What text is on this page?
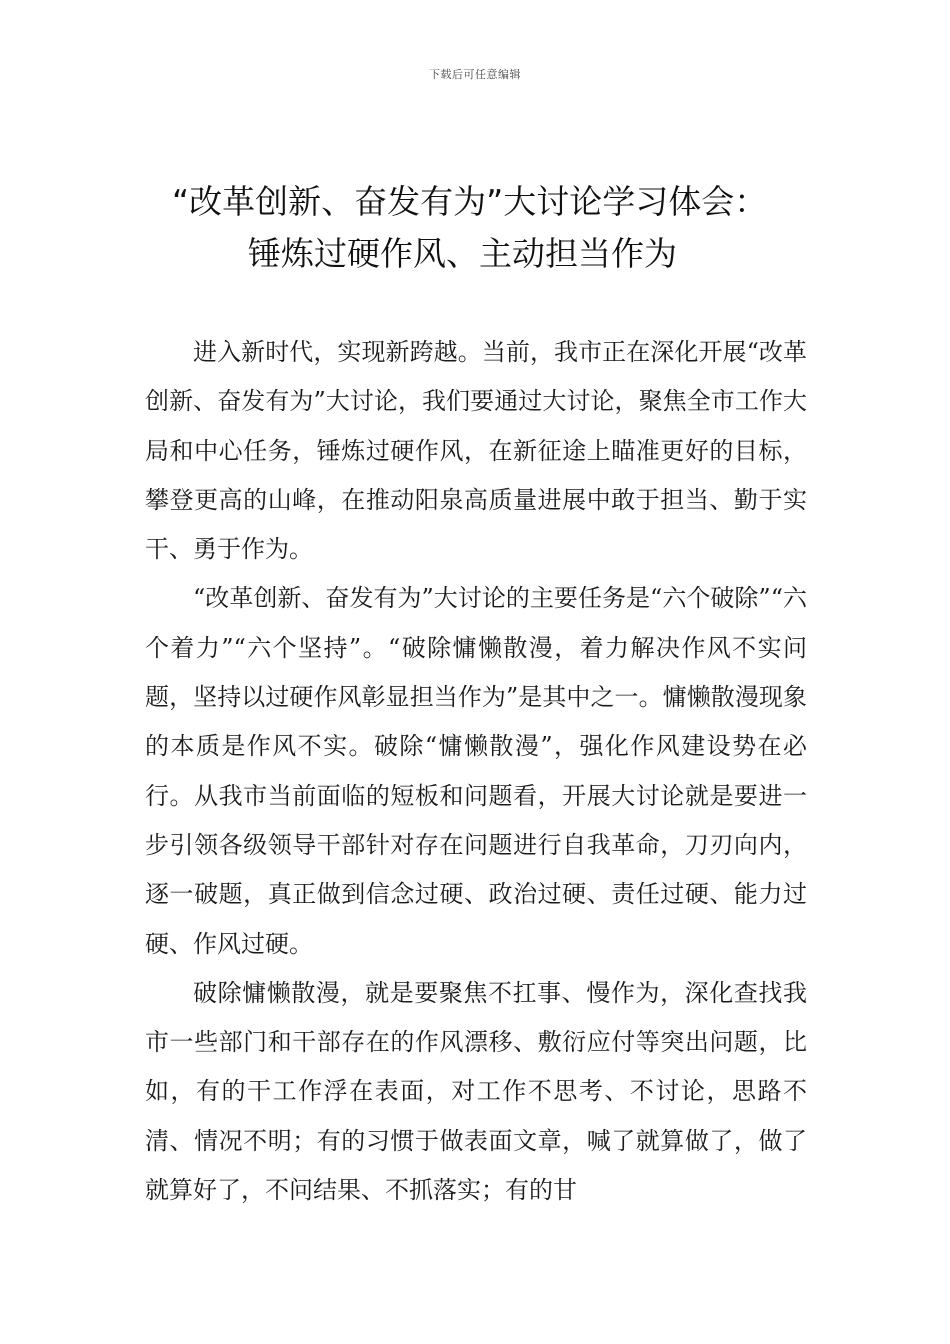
下载后可任意编辑
“改革创新、奋发有为”大讨论学习体会：
锤炼过硬作风、主动担当作为

进入新时代，实现新跨越。当前，我市正在深化开展“改革创新、奋发有为”大讨论，我们要通过大讨论，聚焦全市工作大局和中心任务，锤炼过硬作风，在新征途上瞄准更好的目标，攀登更高的山峰，在推动阳泉高质量进展中敢于担当、勤于实干、勇于作为。

“改革创新、奋发有为”大讨论的主要任务是“六个破除”“六个着力”“六个坚持”。“破除慵懒散漫，着力解决作风不实问题，坚持以过硬作风彰显担当作为”是其中之一。慵懒散漫现象的本质是作风不实。破除“慵懒散漫”，强化作风建设势在必行。从我市当前面临的短板和问题看，开展大讨论就是要进一步引领各级领导干部针对存在问题进行自我革命，刀刃向内，逐一破题，真正做到信念过硬、政治过硬、责任过硬、能力过硬、作风过硬。

破除慵懒散漫，就是要聚焦不扛事、慢作为，深化查找我市一些部门和干部存在的作风漂移、敷衍应付等突出问题，比如，有的干工作浮在表面，对工作不思考、不讨论，思路不清、情况不明；有的习惯于做表面文章，喊了就算做了，做了就算好了，不问结果、不抓落实；有的甘
